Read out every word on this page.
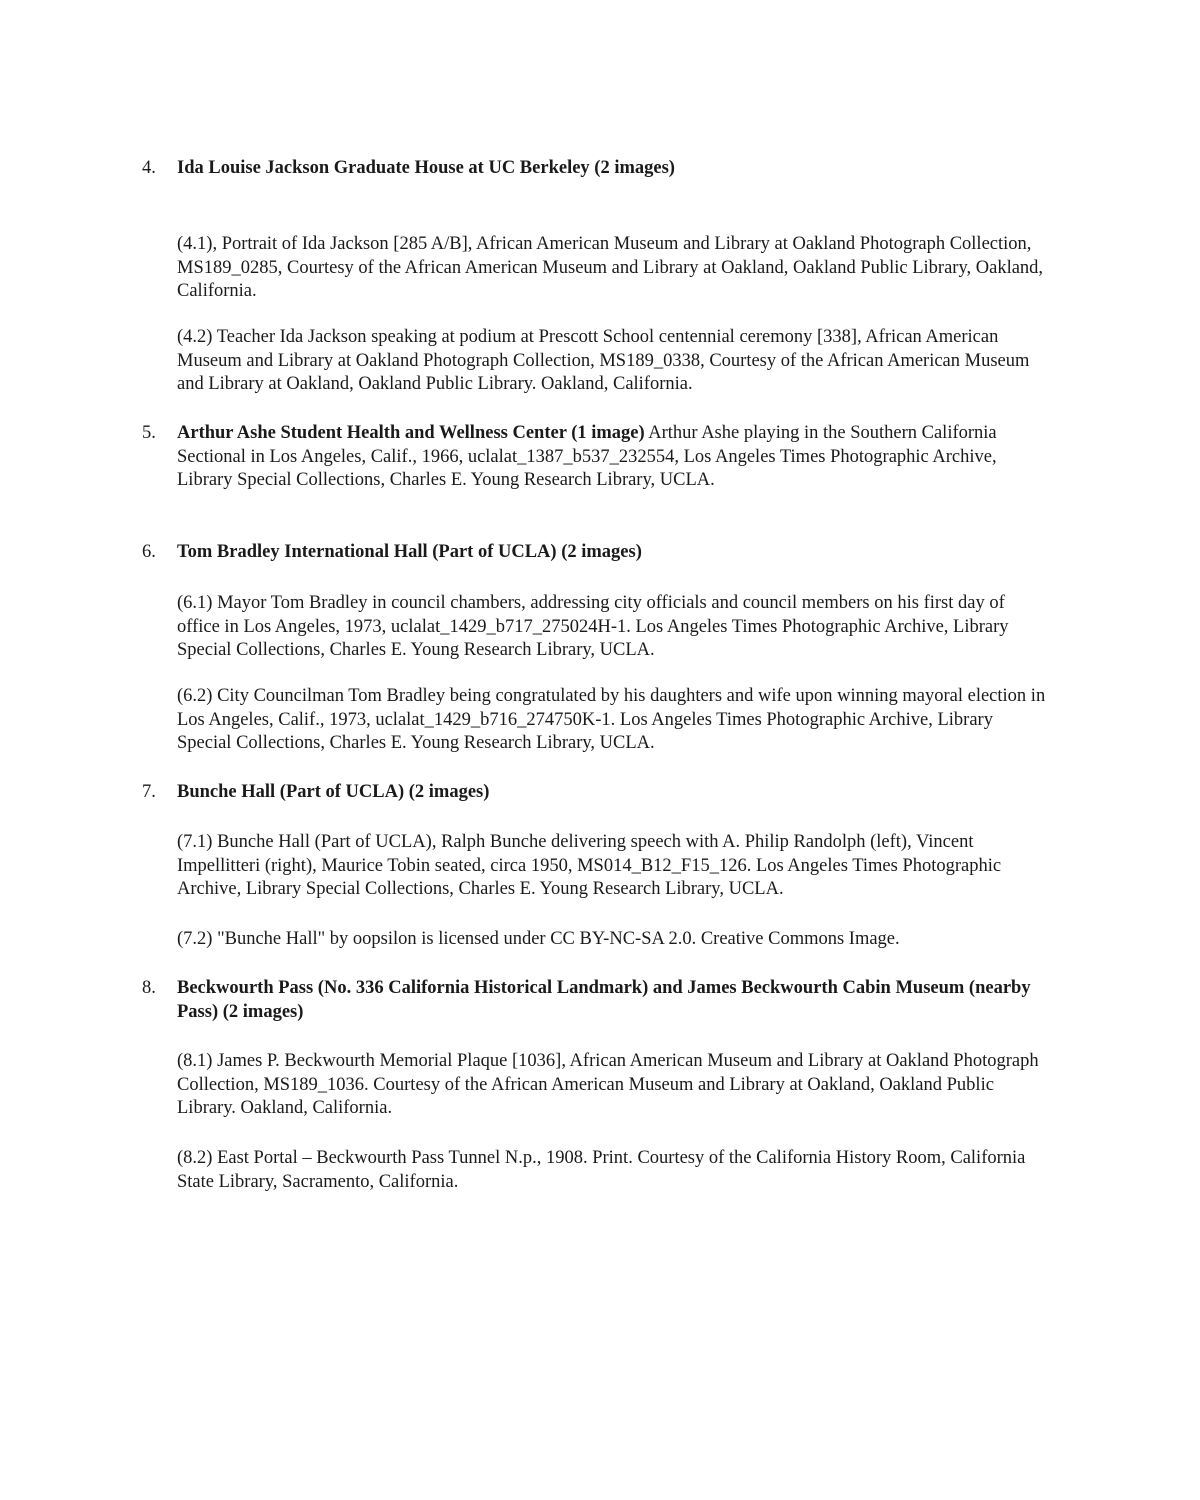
4.	Ida Louise Jackson Graduate House at UC Berkeley (2 images)
(4.1), Portrait of Ida Jackson [285 A/B], African American Museum and Library at Oakland Photograph Collection, MS189_0285, Courtesy of the African American Museum and Library at Oakland, Oakland Public Library, Oakland, California.
(4.2) Teacher Ida Jackson speaking at podium at Prescott School centennial ceremony [338], African American Museum and Library at Oakland Photograph Collection, MS189_0338, Courtesy of the African American Museum and Library at Oakland, Oakland Public Library. Oakland, California.
5.	Arthur Ashe Student Health and Wellness Center (1 image) Arthur Ashe playing in the Southern California Sectional in Los Angeles, Calif., 1966, uclalat_1387_b537_232554, Los Angeles Times Photographic Archive, Library Special Collections, Charles E. Young Research Library, UCLA.
6.	Tom Bradley International Hall (Part of UCLA) (2 images)
(6.1) Mayor Tom Bradley in council chambers, addressing city officials and council members on his first day of office in Los Angeles, 1973, uclalat_1429_b717_275024H-1. Los Angeles Times Photographic Archive, Library Special Collections, Charles E. Young Research Library, UCLA.
(6.2) City Councilman Tom Bradley being congratulated by his daughters and wife upon winning mayoral election in Los Angeles, Calif., 1973, uclalat_1429_b716_274750K-1. Los Angeles Times Photographic Archive, Library Special Collections, Charles E. Young Research Library, UCLA.
7.	Bunche Hall (Part of UCLA) (2 images)
(7.1) Bunche Hall (Part of UCLA), Ralph Bunche delivering speech with A. Philip Randolph (left), Vincent Impellitteri (right), Maurice Tobin seated, circa 1950, MS014_B12_F15_126. Los Angeles Times Photographic Archive, Library Special Collections, Charles E. Young Research Library, UCLA.
(7.2) "Bunche Hall" by oopsilon is licensed under CC BY-NC-SA 2.0. Creative Commons Image.
8.	Beckwourth Pass (No. 336 California Historical Landmark) and James Beckwourth Cabin Museum (nearby Pass) (2 images)
(8.1) James P. Beckwourth Memorial Plaque [1036], African American Museum and Library at Oakland Photograph Collection, MS189_1036. Courtesy of the African American Museum and Library at Oakland, Oakland Public Library. Oakland, California.
(8.2) East Portal – Beckwourth Pass Tunnel N.p., 1908. Print. Courtesy of the California History Room, California State Library, Sacramento, California.
